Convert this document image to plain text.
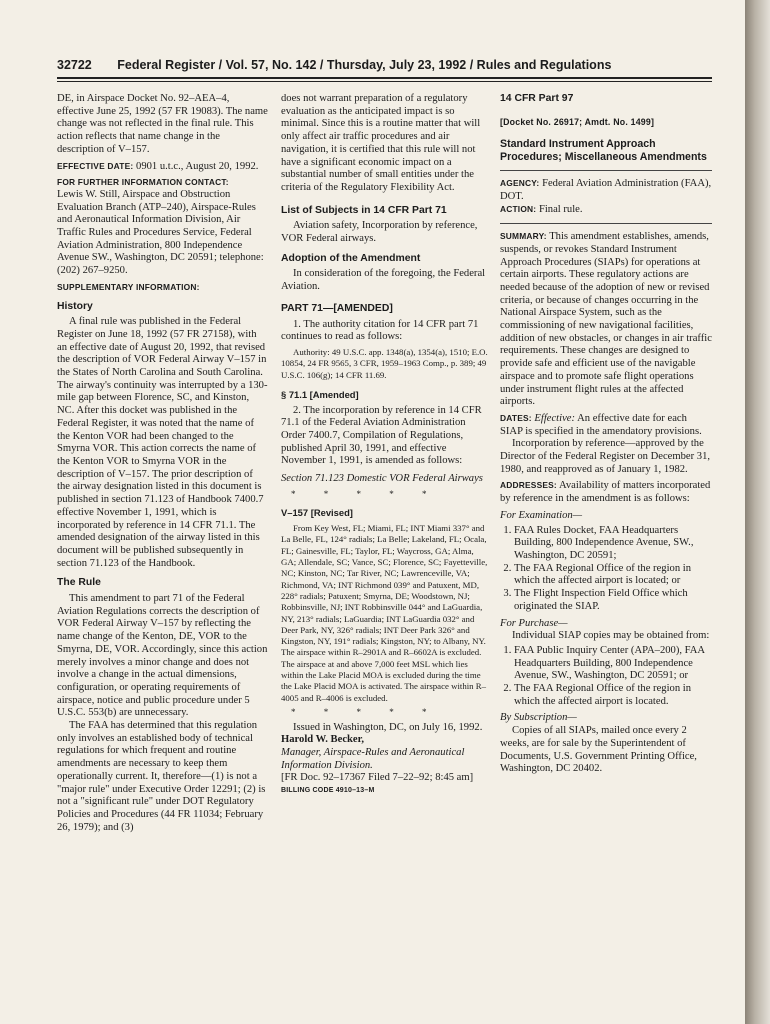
32722 Federal Register / Vol. 57, No. 142 / Thursday, July 23, 1992 / Rules and Regulations

DE, in Airspace Docket No. 92–AEA–4, effective June 25, 1992 (57 FR 19083). The name change was not reflected in the final rule. This action reflects that name change in the description of V–157.

EFFECTIVE DATE: 0901 u.t.c., August 20, 1992.

FOR FURTHER INFORMATION CONTACT:

Lewis W. Still, Airspace and Obstruction Evaluation Branch (ATP–240), Airspace-Rules and Aeronautical Information Division, Air Traffic Rules and Procedures Service, Federal Aviation Administration, 800 Independence Avenue SW., Washington, DC 20591; telephone: (202) 267–9250.

SUPPLEMENTARY INFORMATION:

History

A final rule was published in the Federal Register on June 18, 1992 (57 FR 27158), with an effective date of August 20, 1992, that revised the description of VOR Federal Airway V–157 in the States of North Carolina and South Carolina. The airway's continuity was interrupted by a 130-mile gap between Florence, SC, and Kinston, NC. After this docket was published in the Federal Register, it was noted that the name of the Kenton VOR had been changed to the Smyrna VOR. This action corrects the name of the Kenton VOR to Smyrna VOR in the description of V–157. The prior description of the airway designation listed in this document is published in section 71.123 of Handbook 7400.7 effective November 1, 1991, which is incorporated by reference in 14 CFR 71.1. The amended designation of the airway listed in this document will be published subsequently in section 71.123 of the Handbook.

The Rule

This amendment to part 71 of the Federal Aviation Regulations corrects the description of VOR Federal Airway V–157 by reflecting the name change of the Kenton, DE, VOR to the Smyrna, DE, VOR. Accordingly, since this action merely involves a minor change and does not involve a change in the actual dimensions, configuration, or operating requirements of airspace, notice and public procedure under 5 U.S.C. 553(b) are unnecessary.

The FAA has determined that this regulation only involves an established body of technical regulations for which frequent and routine amendments are necessary to keep them operationally current. It, therefore—(1) is not a "major rule" under Executive Order 12291; (2) is not a "significant rule" under DOT Regulatory Policies and Procedures (44 FR 11034; February 26, 1979); and (3)

does not warrant preparation of a regulatory evaluation as the anticipated impact is so minimal. Since this is a routine matter that will only affect air traffic procedures and air navigation, it is certified that this rule will not have a significant economic impact on a substantial number of small entities under the criteria of the Regulatory Flexibility Act.

List of Subjects in 14 CFR Part 71

Aviation safety, Incorporation by reference, VOR Federal airways.

Adoption of the Amendment

In consideration of the foregoing, the Federal Aviation.

PART 71—[AMENDED]

1. The authority citation for 14 CFR part 71 continues to read as follows:

Authority: 49 U.S.C. app. 1348(a), 1354(a), 1510; E.O. 10854, 24 FR 9565, 3 CFR, 1959–1963 Comp., p. 389; 49 U.S.C. 106(g); 14 CFR 11.69.

§ 71.1 [Amended]

2. The incorporation by reference in 14 CFR 71.1 of the Federal Aviation Administration Order 7400.7, Compilation of Regulations, published April 30, 1991, and effective November 1, 1991, is amended as follows:

Section 71.123 Domestic VOR Federal Airways

* * * * *

V–157 [Revised]

From Key West, FL; Miami, FL; INT Miami 337° and La Belle, FL, 124° radials; La Belle; Lakeland, FL; Ocala, FL; Gainesville, FL; Taylor, FL; Waycross, GA; Alma, GA; Allendale, SC; Vance, SC; Florence, SC; Fayetteville, NC; Kinston, NC; Tar River, NC; Lawrenceville, VA; Richmond, VA; INT Richmond 039° and Patuxent, MD, 228° radials; Patuxent; Smyrna, DE; Woodstown, NJ; Robbinsville, NJ; INT Robbinsville 044° and LaGuardia, NY, 213° radials; LaGuardia; INT LaGuardia 032° and Deer Park, NY, 326° radials; INT Deer Park 326° and Kingston, NY, 191° radials; Kingston, NY; to Albany, NY. The airspace within R–2901A and R–6602A is excluded. The airspace at and above 7,000 feet MSL which lies within the Lake Placid MOA is excluded during the time the Lake Placid MOA is activated. The airspace within R–4005 and R–4006 is excluded.

* * * * *

Issued in Washington, DC, on July 16, 1992.

Harold W. Becker,

Manager, Airspace-Rules and Aeronautical Information Division.

[FR Doc. 92–17367 Filed 7–22–92; 8:45 am]

BILLING CODE 4910–13–M

14 CFR Part 97

[Docket No. 26917; Amdt. No. 1499]

Standard Instrument Approach Procedures; Miscellaneous Amendments

AGENCY: Federal Aviation Administration (FAA), DOT.

ACTION: Final rule.

SUMMARY: This amendment establishes, amends, suspends, or revokes Standard Instrument Approach Procedures (SIAPs) for operations at certain airports. These regulatory actions are needed because of the adoption of new or revised criteria, or because of changes occurring in the National Airspace System, such as the commissioning of new navigational facilities, addition of new obstacles, or changes in air traffic requirements. These changes are designed to provide safe and efficient use of the navigable airspace and to promote safe flight operations under instrument flight rules at the affected airports.

DATES: Effective: An effective date for each SIAP is specified in the amendatory provisions.

Incorporation by reference—approved by the Director of the Federal Register on December 31, 1980, and reapproved as of January 1, 1982.

ADDRESSES: Availability of matters incorporated by reference in the amendment is as follows:

For Examination—

1. FAA Rules Docket, FAA Headquarters Building, 800 Independence Avenue, SW., Washington, DC 20591;
2. The FAA Regional Office of the region in which the affected airport is located; or
3. The Flight Inspection Field Office which originated the SIAP.

For Purchase—

Individual SIAP copies may be obtained from:

1. FAA Public Inquiry Center (APA–200), FAA Headquarters Building, 800 Independence Avenue, SW., Washington, DC 20591; or
2. The FAA Regional Office of the region in which the affected airport is located.

By Subscription—

Copies of all SIAPs, mailed once every 2 weeks, are for sale by the Superintendent of Documents, U.S. Government Printing Office, Washington, DC 20402.
